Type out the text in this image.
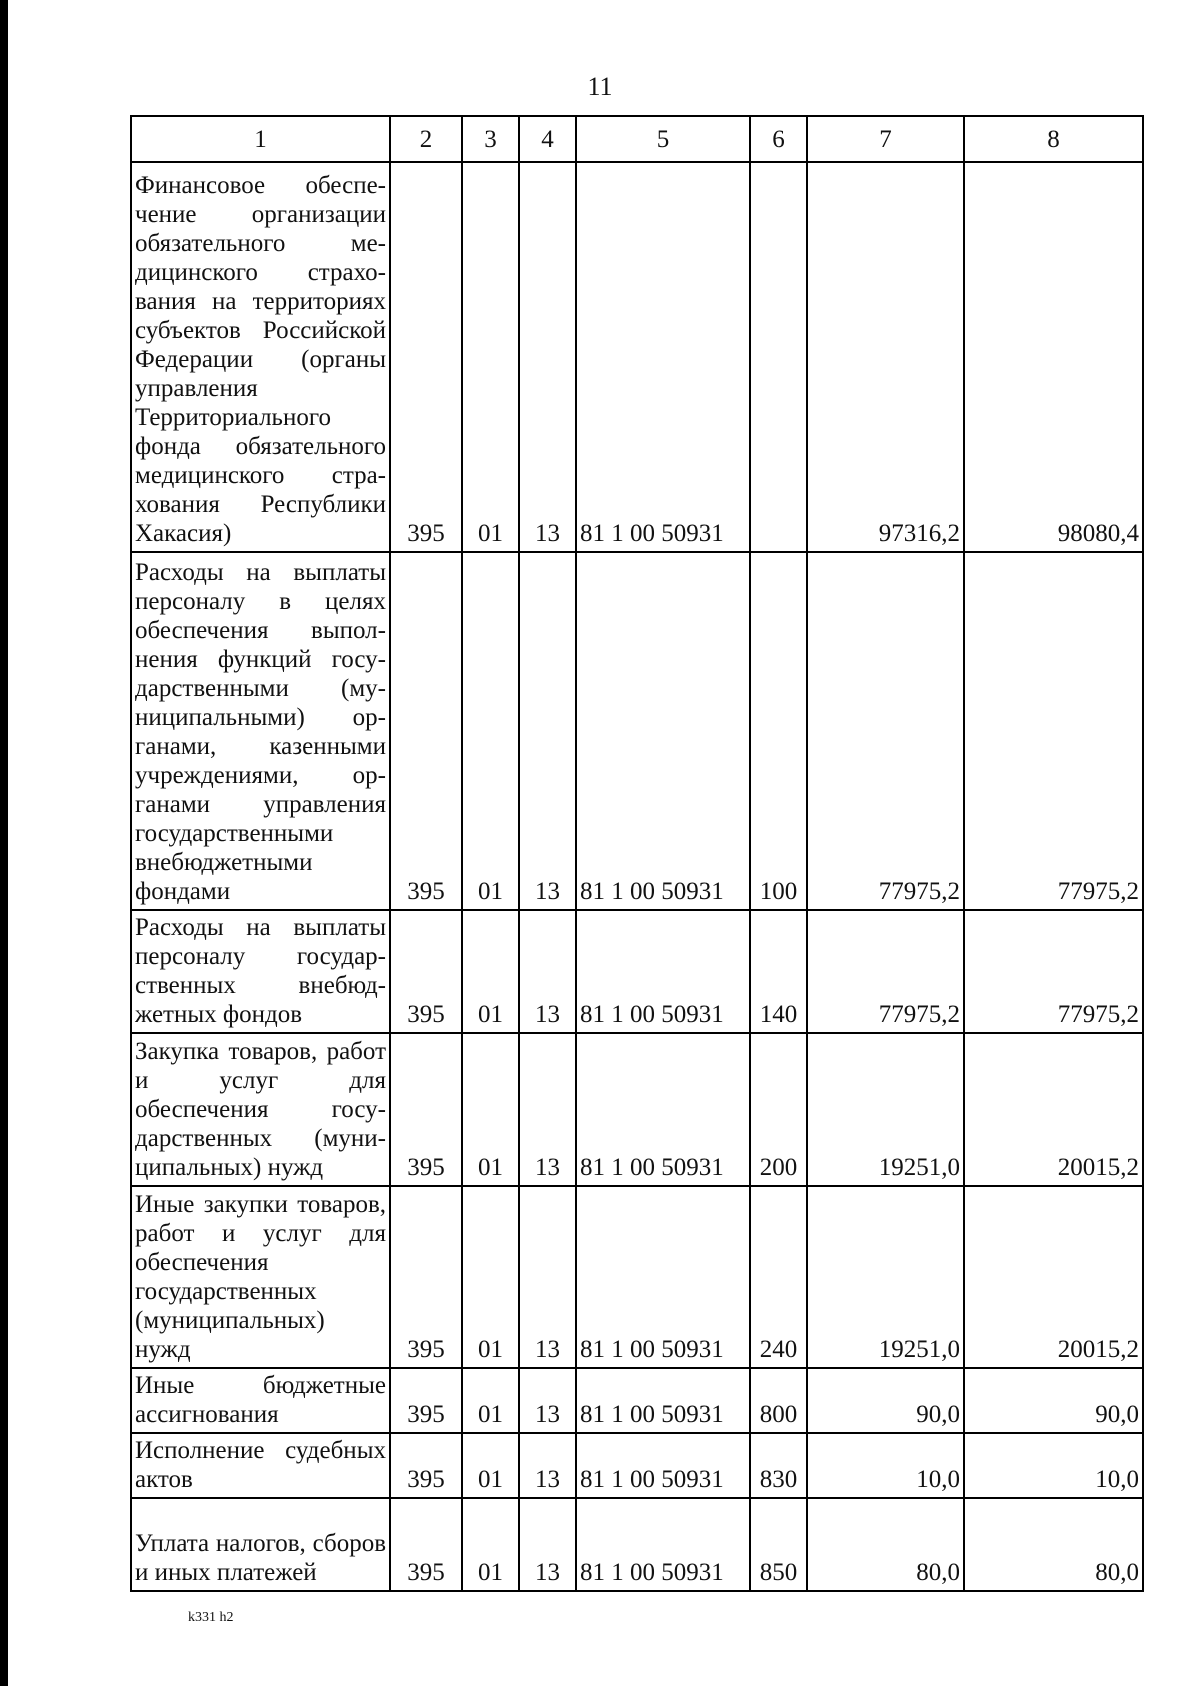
11
1	2	3	4	5	6	7	8
Финансовое обеспечение организации обязательного медицинского страхования на территориях субъектов Российской Федерации (органы управления Территориального фонда обязательного медицинского страхования Республики Хакасия)	395	01	13	81 1 00 50931		97316,2	98080,4
Расходы на выплаты персоналу в целях обеспечения выполнения функций государственными (муниципальными) органами, казенными учреждениями, органами управления государственными внебюджетными фондами	395	01	13	81 1 00 50931	100	77975,2	77975,2
Расходы на выплаты персоналу государственных внебюджетных фондов	395	01	13	81 1 00 50931	140	77975,2	77975,2
Закупка товаров, работ и услуг для обеспечения государственных (муниципальных) нужд	395	01	13	81 1 00 50931	200	19251,0	20015,2
Иные закупки товаров, работ и услуг для обеспечения государственных (муниципальных) нужд	395	01	13	81 1 00 50931	240	19251,0	20015,2
Иные бюджетные ассигнования	395	01	13	81 1 00 50931	800	90,0	90,0
Исполнение судебных актов	395	01	13	81 1 00 50931	830	10,0	10,0
Уплата налогов, сборов и иных платежей	395	01	13	81 1 00 50931	850	80,0	80,0
k331 h2
